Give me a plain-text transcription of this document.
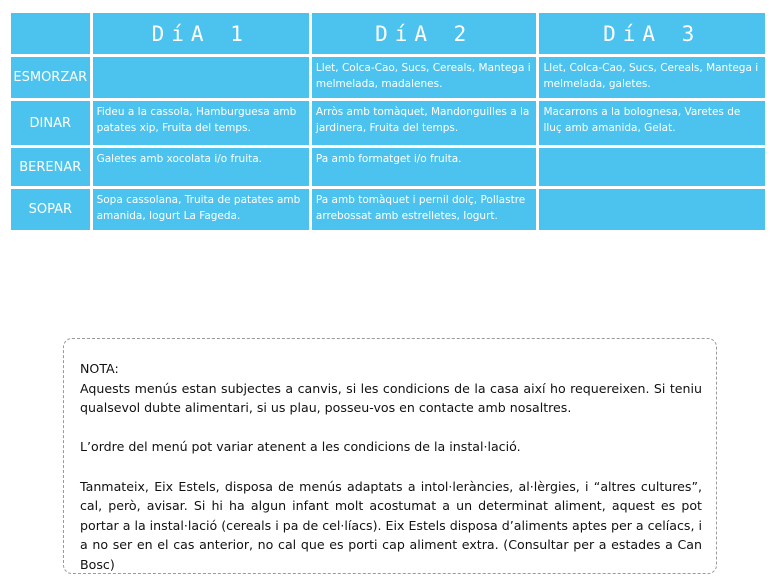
	DíA 1	DíA 2	DíA 3
ESMORZAR		Llet, Colca-Cao, Sucs, Cereals, Mantega i melmelada, madalenes.	Llet, Colca-Cao, Sucs, Cereals, Mantega i melmelada, galetes.
DINAR	Fideu a la cassola, Hamburguesa amb patates xip, Fruita del temps.	Arròs amb tomàquet, Mandonguilles a la jardinera, Fruita del temps.	Macarrons a la bolognesa, Varetes de lluç amb amanida, Gelat.
BERENAR	Galetes amb xocolata i/o fruita.	Pa amb formatget i/o fruita.	
SOPAR	Sopa cassolana, Truita de patates amb amanida, Iogurt La Fageda.	Pa amb tomàquet i pernil dolç, Pollastre arrebossat amb estrelletes, Iogurt.	

NOTA:

Aquests menús estan subjectes a canvis, si les condicions de la casa així ho requereixen. Si teniu qualsevol dubte alimentari, si us plau, posseu-vos en contacte amb nosaltres.

L’ordre del menú pot variar atenent a les condicions de la instal·lació.

Tanmateix, Eix Estels, disposa de menús adaptats a intol·leràncies, al·lèrgies, i “altres cultures”, cal, però, avisar. Si hi ha algun infant molt acostumat a un determinat aliment, aquest es pot portar a la instal·lació (cereals i pa de cel·líacs). Eix Estels disposa d’aliments aptes per a celíacs, i a no ser en el cas anterior, no cal que es porti cap aliment extra. (Consultar per a estades a Can Bosc)
